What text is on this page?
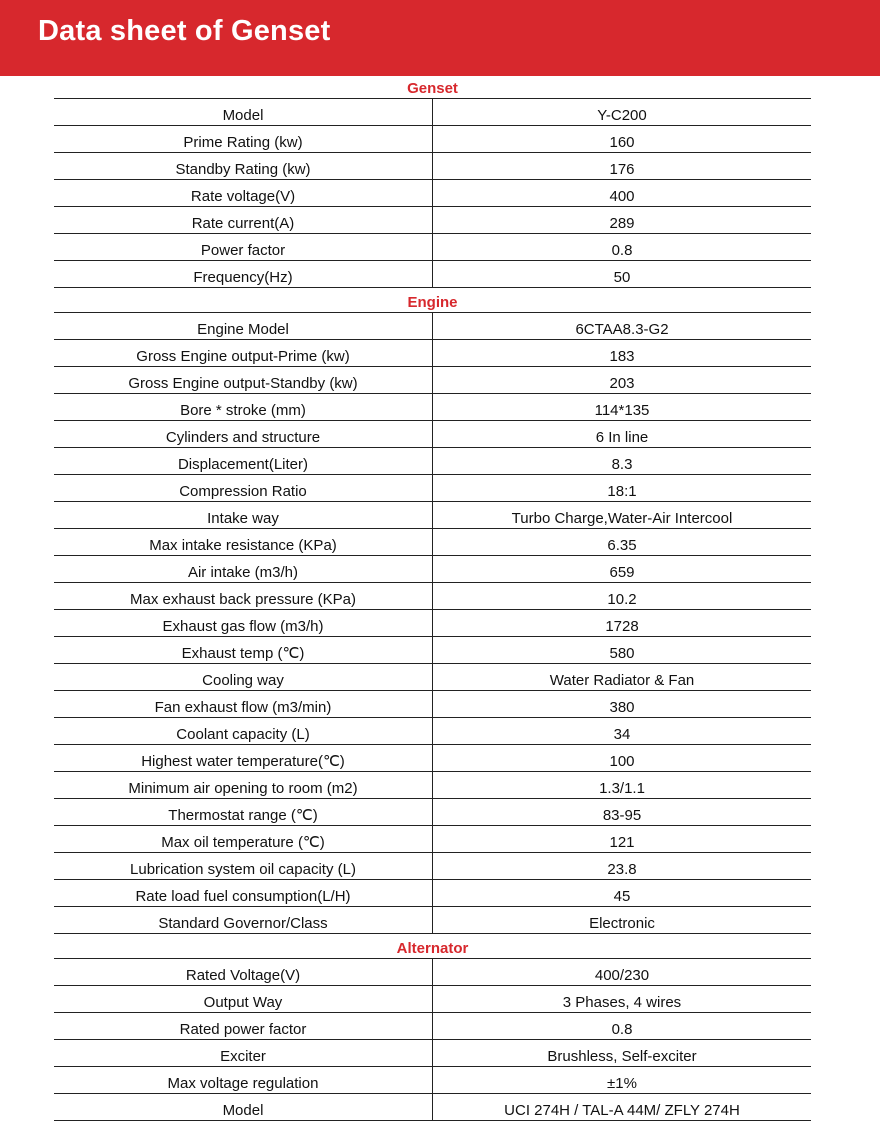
Data sheet of Genset
Genset	
Model	Y-C200
Prime Rating (kw)	160
Standby Rating (kw)	176
Rate voltage(V)	400
Rate current(A)	289
Power factor	0.8
Frequency(Hz)	50
Engine	
Engine Model	6CTAA8.3-G2
Gross Engine output-Prime (kw)	183
Gross Engine output-Standby (kw)	203
Bore * stroke (mm)	114*135
Cylinders and structure	6 In line
Displacement(Liter)	8.3
Compression Ratio	18:1
Intake way	Turbo Charge,Water-Air Intercool
Max intake resistance (KPa)	6.35
Air intake (m3/h)	659
Max exhaust back pressure (KPa)	10.2
Exhaust gas flow (m3/h)	1728
Exhaust temp (℃)	580
Cooling way	Water Radiator & Fan
Fan exhaust flow (m3/min)	380
Coolant capacity (L)	34
Highest water temperature(℃)	100
Minimum air opening to room (m2)	1.3/1.1
Thermostat range (℃)	83-95
Max oil temperature (℃)	121
Lubrication system oil capacity (L)	23.8
Rate load fuel consumption(L/H)	45
Standard Governor/Class	Electronic
Alternator	
Rated Voltage(V)	400/230
Output Way	3 Phases, 4 wires
Rated power factor	0.8
Exciter	Brushless, Self-exciter
Max voltage regulation	±1%
Model	UCI 274H / TAL-A 44M/ ZFLY 274H
